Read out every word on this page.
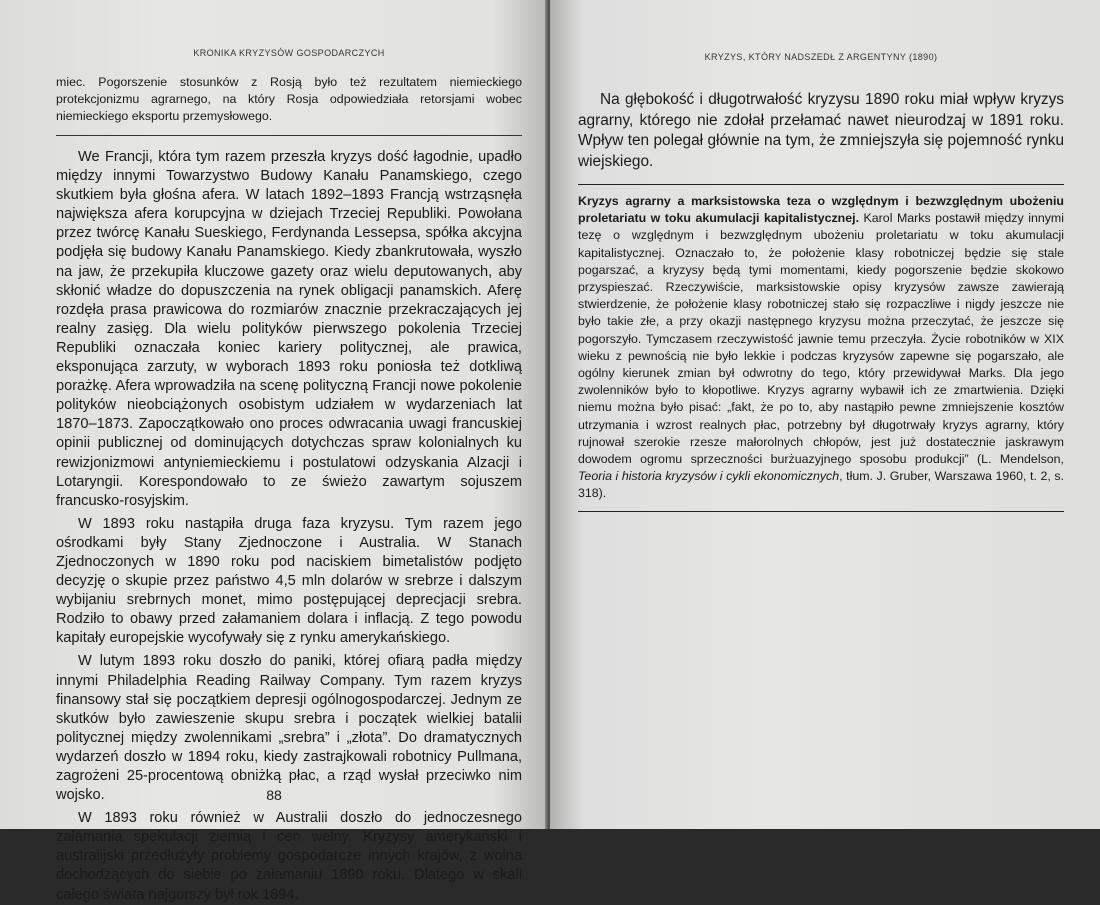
KRONIKA KRYZYSÓW GOSPODARCZYCH

miec. Pogorszenie stosunków z Rosją było też rezultatem niemieckiego protekcjonizmu agrarnego, na który Rosja odpowiedziała retorsjami wobec niemieckiego eksportu przemysłowego.

We Francji, która tym razem przeszła kryzys dość łagodnie, upadło między innymi Towarzystwo Budowy Kanału Panamskiego, czego skutkiem była głośna afera. W latach 1892–1893 Francją wstrząsnęła największa afera korupcyjna w dziejach Trzeciej Republiki. Powołana przez twórcę Kanału Sueskiego, Ferdynanda Lessepsa, spółka akcyjna podjęła się budowy Kanału Panamskiego. Kiedy zbankrutowała, wyszło na jaw, że przekupiła kluczowe gazety oraz wielu deputowanych, aby skłonić władze do dopuszczenia na rynek obligacji panamskich. Aferę rozdęła prasa prawicowa do rozmiarów znacznie przekraczających jej realny zasięg. Dla wielu polityków pierwszego pokolenia Trzeciej Republiki oznaczała koniec kariery politycznej, ale prawica, eksponująca zarzuty, w wyborach 1893 roku poniosła też dotkliwą porażkę. Afera wprowadziła na scenę polityczną Francji nowe pokolenie polityków nieobciążonych osobistym udziałem w wydarzeniach lat 1870–1873. Zapoczątkowało ono proces odwracania uwagi francuskiej opinii publicznej od dominujących dotychczas spraw kolonialnych ku rewizjonizmowi antyniemieckiemu i postulatowi odzyskania Alzacji i Lotaryngii. Korespondowało to ze świeżo zawartym sojuszem francusko-rosyjskim.

W 1893 roku nastąpiła druga faza kryzysu. Tym razem jego ośrodkami były Stany Zjednoczone i Australia. W Stanach Zjednoczonych w 1890 roku pod naciskiem bimetalistów podjęto decyzję o skupie przez państwo 4,5 mln dolarów w srebrze i dalszym wybijaniu srebrnych monet, mimo postępującej deprecjacji srebra. Rodziło to obawy przed załamaniem dolara i inflacją. Z tego powodu kapitały europejskie wycofywały się z rynku amerykańskiego.

W lutym 1893 roku doszło do paniki, której ofiarą padła między innymi Philadelphia Reading Railway Company. Tym razem kryzys finansowy stał się początkiem depresji ogólnogospodarczej. Jednym ze skutków było zawieszenie skupu srebra i początek wielkiej batalii politycznej między zwolennikami „srebra” i „złota”. Do dramatycznych wydarzeń doszło w 1894 roku, kiedy zastrajkowali robotnicy Pullmana, zagrożeni 25-procentową obniżką płac, a rząd wysłał przeciwko nim wojsko.

W 1893 roku również w Australii doszło do jednoczesnego załamania spekulacji ziemią i cen wełny. Kryzysy amerykański i australijski przedłużyły problemy gospodarcze innych krajów, z wolna dochodzących do siebie po załamaniu 1890 roku. Dlatego w skali całego świata najgorszy był rok 1894.

88
KRYZYS, KTÓRY NADSZEDŁ Z ARGENTYNY (1890)

Na głębokość i długotrwałość kryzysu 1890 roku miał wpływ kryzys agrarny, którego nie zdołał przełamać nawet nieurodzaj w 1891 roku. Wpływ ten polegał głównie na tym, że zmniejszyła się pojemność rynku wiejskiego.

Kryzys agrarny a marksistowska teza o względnym i bezwzględnym ubożeniu proletariatu w toku akumulacji kapitalistycznej. Karol Marks postawił między innymi tezę o względnym i bezwzględnym ubożeniu proletariatu w toku akumulacji kapitalistycznej. Oznaczało to, że położenie klasy robotniczej będzie się stale pogarszać, a kryzysy będą tymi momentami, kiedy pogorszenie będzie skokowo przyspieszać. Rzeczywiście, marksistowskie opisy kryzysów zawsze zawierają stwierdzenie, że położenie klasy robotniczej stało się rozpaczliwe i nigdy jeszcze nie było takie złe, a przy okazji następnego kryzysu można przeczytać, że jeszcze się pogorszyło. Tymczasem rzeczywistość jawnie temu przeczyła. Życie robotników w XIX wieku z pewnością nie było lekkie i podczas kryzysów zapewne się pogarszało, ale ogólny kierunek zmian był odwrotny do tego, który przewidywał Marks. Dla jego zwolenników było to kłopotliwe. Kryzys agrarny wybawił ich ze zmartwienia. Dzięki niemu można było pisać: „fakt, że po to, aby nastąpiło pewne zmniejszenie kosztów utrzymania i wzrost realnych płac, potrzebny był długotrwały kryzys agrarny, który rujnował szerokie rzesze małorolnych chłopów, jest już dostatecznie jaskrawym dowodem ogromu sprzeczności burżuazyjnego sposobu produkcji” (L. Mendelson, Teoria i historia kryzysów i cykli ekonomicznych, tłum. J. Gruber, Warszawa 1960, t. 2, s. 318).
